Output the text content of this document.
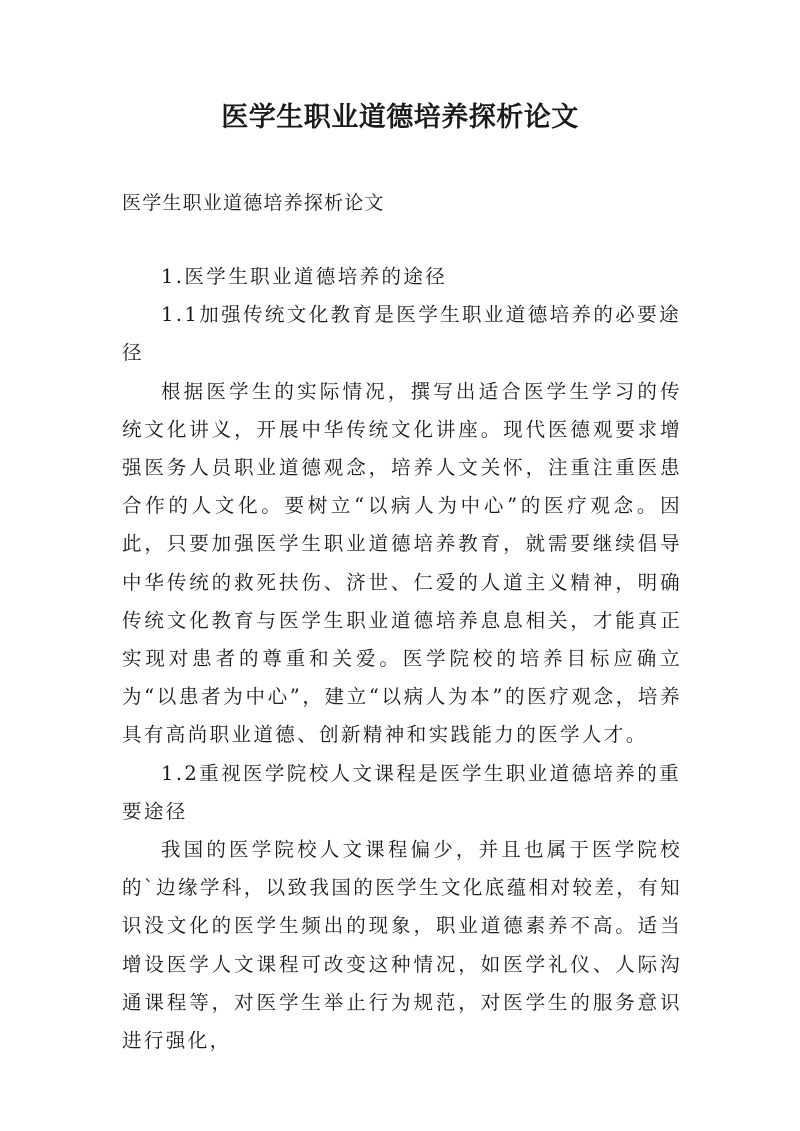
医学生职业道德培养探析论文
医学生职业道德培养探析论文

1.医学生职业道德培养的途径

1.1加强传统文化教育是医学生职业道德培养的必要途径

根据医学生的实际情况，撰写出适合医学生学习的传统文化讲义，开展中华传统文化讲座。现代医德观要求增强医务人员职业道德观念，培养人文关怀，注重注重医患合作的人文化。要树立“以病人为中心”的医疗观念。因此，只要加强医学生职业道德培养教育，就需要继续倡导中华传统的救死扶伤、济世、仁爱的人道主义精神，明确传统文化教育与医学生职业道德培养息息相关，才能真正实现对患者的尊重和关爱。医学院校的培养目标应确立为“以患者为中心”，建立“以病人为本”的医疗观念，培养具有高尚职业道德、创新精神和实践能力的医学人才。

1.2重视医学院校人文课程是医学生职业道德培养的重要途径

我国的医学院校人文课程偏少，并且也属于医学院校的`边缘学科，以致我国的医学生文化底蕴相对较差，有知识没文化的医学生频出的现象，职业道德素养不高。适当增设医学人文课程可改变这种情况，如医学礼仪、人际沟通课程等，对医学生举止行为规范，对医学生的服务意识进行强化，
